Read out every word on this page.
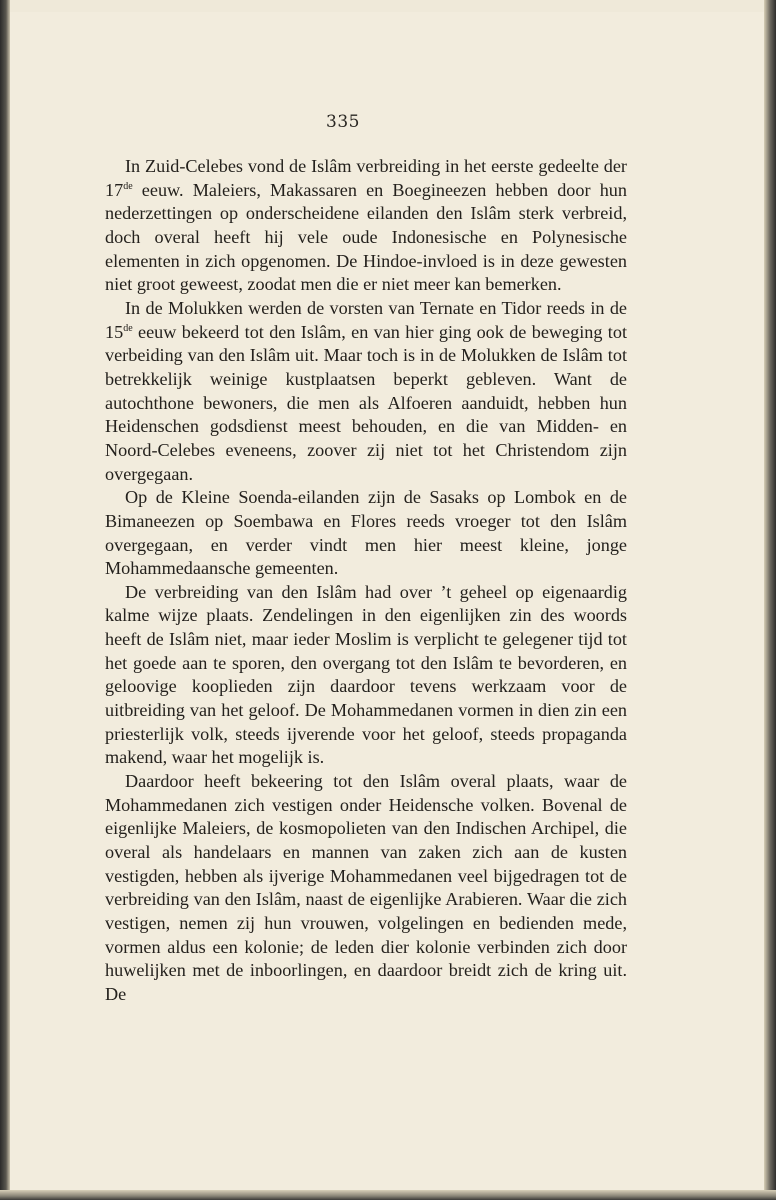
335

In Zuid-Celebes vond de Islâm verbreiding in het eerste gedeelte der 17de eeuw. Maleiers, Makassaren en Boegineezen hebben door hun nederzettingen op onderscheidene eilanden den Islâm sterk verbreid, doch overal heeft hij vele oude Indonesische en Polynesische elementen in zich opgenomen. De Hindoe-invloed is in deze gewesten niet groot geweest, zoodat men die er niet meer kan bemerken.

In de Molukken werden de vorsten van Ternate en Tidor reeds in de 15de eeuw bekeerd tot den Islâm, en van hier ging ook de beweging tot verbeiding van den Islâm uit. Maar toch is in de Molukken de Islâm tot betrekkelijk weinige kustplaatsen beperkt gebleven. Want de autochthone bewoners, die men als Alfoeren aanduidt, hebben hun Heidenschen godsdienst meest behouden, en die van Midden- en Noord-Celebes eveneens, zoover zij niet tot het Christendom zijn overgegaan.

Op de Kleine Soenda-eilanden zijn de Sasaks op Lombok en de Bimaneezen op Soembawa en Flores reeds vroeger tot den Islâm overgegaan, en verder vindt men hier meest kleine, jonge Mohammedaansche gemeenten.

De verbreiding van den Islâm had over ’t geheel op eigenaardig kalme wijze plaats. Zendelingen in den eigenlijken zin des woords heeft de Islâm niet, maar ieder Moslim is verplicht te gelegener tijd tot het goede aan te sporen, den overgang tot den Islâm te bevorderen, en geloovige kooplieden zijn daardoor tevens werkzaam voor de uitbreiding van het geloof. De Mohammedanen vormen in dien zin een priesterlijk volk, steeds ijverende voor het geloof, steeds propaganda makend, waar het mogelijk is.

Daardoor heeft bekeering tot den Islâm overal plaats, waar de Mohammedanen zich vestigen onder Heidensche volken. Bovenal de eigenlijke Maleiers, de kosmopolieten van den Indischen Archipel, die overal als handelaars en mannen van zaken zich aan de kusten vestigden, hebben als ijverige Mohammedanen veel bijgedragen tot de verbreiding van den Islâm, naast de eigenlijke Arabieren. Waar die zich vestigen, nemen zij hun vrouwen, volgelingen en bedienden mede, vormen aldus een kolonie; de leden dier kolonie verbinden zich door huwelijken met de inboorlingen, en daardoor breidt zich de kring uit. De
